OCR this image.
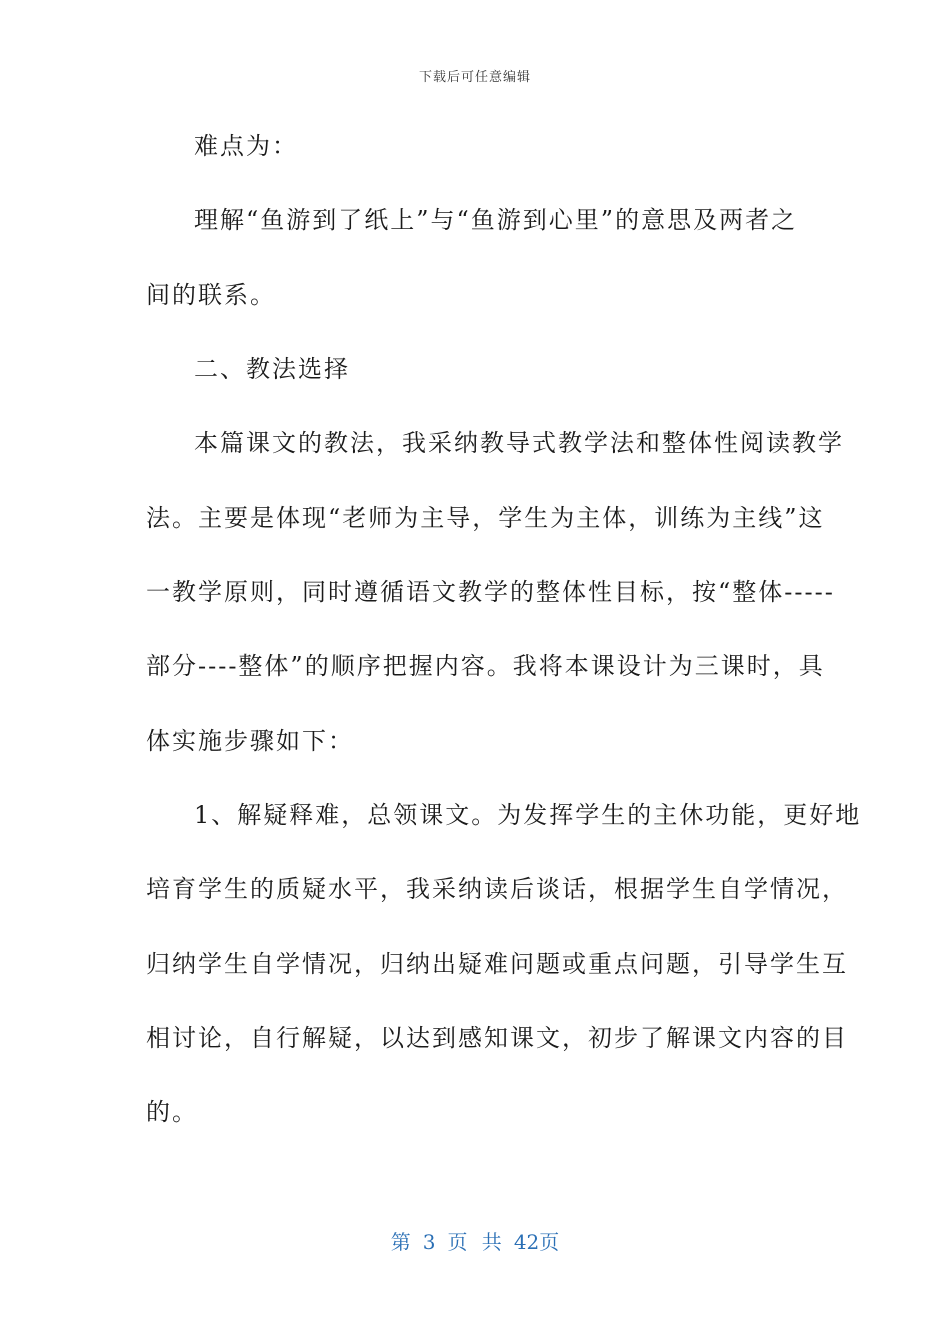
下载后可任意编辑
难点为：
理解“鱼游到了纸上”与“鱼游到心里”的意思及两者之
间的联系。
二、教法选择
本篇课文的教法，我采纳教导式教学法和整体性阅读教学
法。主要是体现“老师为主导，学生为主体，训练为主线”这
一教学原则，同时遵循语文教学的整体性目标，按“整体-----
部分----整体”的顺序把握内容。我将本课设计为三课时，具
体实施步骤如下：
1、解疑释难，总领课文。为发挥学生的主休功能，更好地
培育学生的质疑水平，我采纳读后谈话，根据学生自学情况，
归纳学生自学情况，归纳出疑难问题或重点问题，引导学生互
相讨论，自行解疑，以达到感知课文，初步了解课文内容的目
的。
第 3 页 共 42页
